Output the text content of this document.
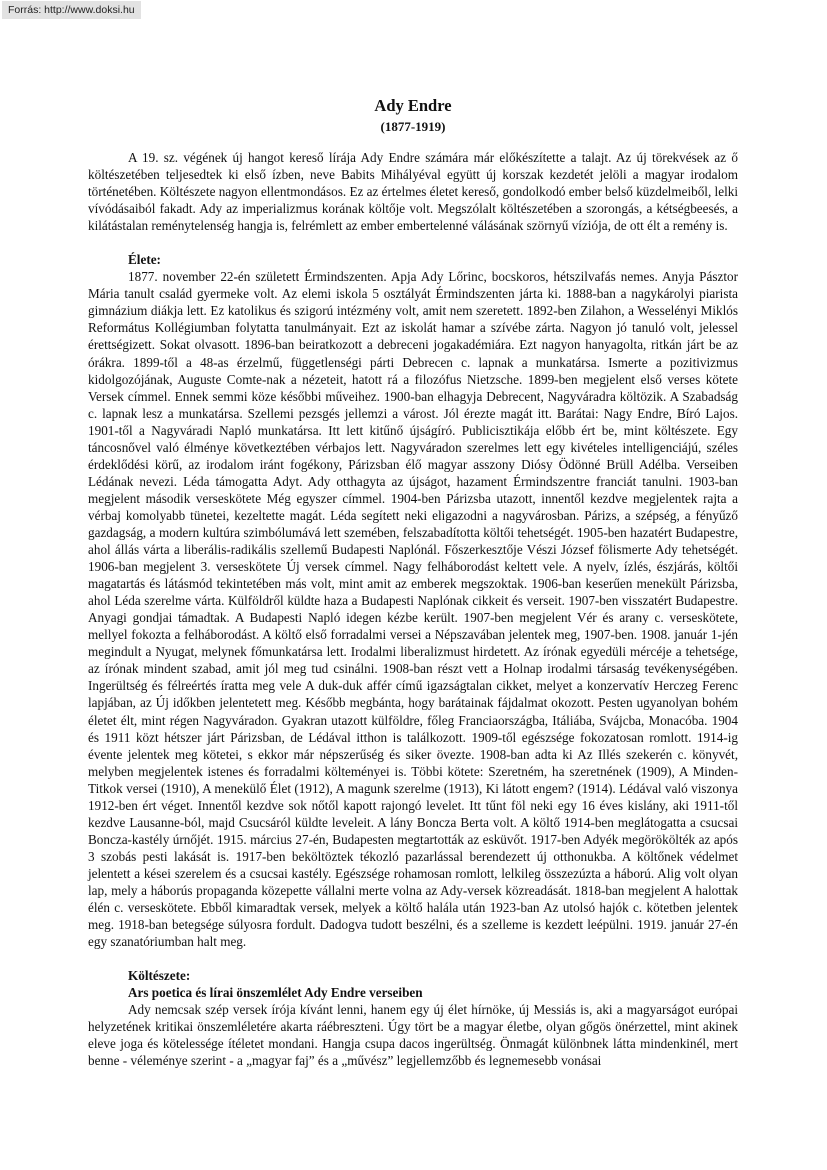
Forrás: http://www.doksi.hu
Ady Endre
(1877-1919)

A 19. sz. végének új hangot kereső lírája Ady Endre számára már előkészítette a talajt. Az új törekvések az ő költészetében teljesedtek ki első ízben, neve Babits Mihályéval együtt új korszak kezdetét jelöli a magyar irodalom történetében. Költészete nagyon ellentmondásos. Ez az értelmes életet kereső, gondolkodó ember belső küzdelmeiből, lelki vívódásaiból fakadt. Ady az imperializmus korának költője volt. Megszólalt költészetében a szorongás, a kétségbeesés, a kilátástalan reménytelenség hangja is, felrémlett az ember embertelenné válásának szörnyű víziója, de ott élt a remény is.

Élete:

1877. november 22-én született Érmindszenten. Apja Ady Lőrinc, bocskoros, hétszilvafás nemes. Anyja Pásztor Mária tanult család gyermeke volt. Az elemi iskola 5 osztályát Érmindszenten járta ki. 1888-ban a nagykárolyi piarista gimnázium diákja lett. Ez katolikus és szigorú intézmény volt, amit nem szeretett. 1892-ben Zilahon, a Wesselényi Miklós Református Kollégiumban folytatta tanulmányait. Ezt az iskolát hamar a szívébe zárta. Nagyon jó tanuló volt, jelessel érettségizett. Sokat olvasott. 1896-ban beiratkozott a debreceni jogakadémiára. Ezt nagyon hanyagolta, ritkán járt be az órákra. 1899-től a 48-as érzelmű, függetlenségi párti Debrecen c. lapnak a munkatársa. Ismerte a pozitivizmus kidolgozójának, Auguste Comte-nak a nézeteit, hatott rá a filozófus Nietzsche. 1899-ben megjelent első verses kötete Versek címmel. Ennek semmi köze későbbi műveihez. 1900-ban elhagyja Debrecent, Nagyváradra költözik. A Szabadság c. lapnak lesz a munkatársa. Szellemi pezsgés jellemzi a várost. Jól érezte magát itt. Barátai: Nagy Endre, Bíró Lajos. 1901-től a Nagyváradi Napló munkatársa. Itt lett kitűnő újságíró. Publicisztikája előbb ért be, mint költészete. Egy táncosnővel való élménye következtében vérbajos lett. Nagyváradon szerelmes lett egy kivételes intelligenciájú, széles érdeklődési körű, az irodalom iránt fogékony, Párizsban élő magyar asszony Diósy Ödönné Brüll Adélba. Verseiben Lédának nevezi. Léda támogatta Adyt. Ady otthagyta az újságot, hazament Érmindszentre franciát tanulni. 1903-ban megjelent második verseskötete Még egyszer címmel. 1904-ben Párizsba utazott, innentől kezdve megjelentek rajta a vérbaj komolyabb tünetei, kezeltette magát. Léda segített neki eligazodni a nagyvárosban. Párizs, a szépség, a fényűző gazdagság, a modern kultúra szimbólumává lett szemében, felszabadította költői tehetségét. 1905-ben hazatért Budapestre, ahol állás várta a liberális-radikális szellemű Budapesti Naplónál. Főszerkesztője Vészi József fölismerte Ady tehetségét. 1906-ban megjelent 3. verseskötete Új versek címmel. Nagy felháborodást keltett vele. A nyelv, ízlés, észjárás, költői magatartás és látásmód tekintetében más volt, mint amit az emberek megszoktak. 1906-ban keserűen menekült Párizsba, ahol Léda szerelme várta. Külföldről küldte haza a Budapesti Naplónak cikkeit és verseit. 1907-ben visszatért Budapestre. Anyagi gondjai támadtak. A Budapesti Napló idegen kézbe került. 1907-ben megjelent Vér és arany c. verseskötete, mellyel fokozta a felháborodást. A költő első forradalmi versei a Népszavában jelentek meg, 1907-ben. 1908. január 1-jén megindult a Nyugat, melynek főmunkatársa lett. Irodalmi liberalizmust hirdetett. Az írónak egyedüli mércéje a tehetsége, az írónak mindent szabad, amit jól meg tud csinálni. 1908-ban részt vett a Holnap irodalmi társaság tevékenységében. Ingerültség és félreértés íratta meg vele A duk-duk affér című igazságtalan cikket, melyet a konzervatív Herczeg Ferenc lapjában, az Új időkben jelentetett meg. Később megbánta, hogy barátainak fájdalmat okozott. Pesten ugyanolyan bohém életet élt, mint régen Nagyváradon. Gyakran utazott külföldre, főleg Franciaországba, Itáliába, Svájcba, Monacóba. 1904 és 1911 közt hétszer járt Párizsban, de Lédával itthon is találkozott. 1909-től egészsége fokozatosan romlott. 1914-ig évente jelentek meg kötetei, s ekkor már népszerűség és siker övezte. 1908-ban adta ki Az Illés szekerén c. könyvét, melyben megjelentek istenes és forradalmi költeményei is. Többi kötete: Szeretném, ha szeretnének (1909), A Minden-Titkok versei (1910), A menekülő Élet (1912), A magunk szerelme (1913), Ki látott engem? (1914). Lédával való viszonya 1912-ben ért véget. Innentől kezdve sok nőtől kapott rajongó levelet. Itt tűnt föl neki egy 16 éves kislány, aki 1911-től kezdve Lausanne-ból, majd Csucsáról küldte leveleit. A lány Boncza Berta volt. A költő 1914-ben meglátogatta a csucsai Boncza-kastély úrnőjét. 1915. március 27-én, Budapesten megtartották az esküvőt. 1917-ben Adyék megörökölték az após 3 szobás pesti lakását is. 1917-ben beköltöztek tékozló pazarlással berendezett új otthonukba. A költőnek védelmet jelentett a kései szerelem és a csucsai kastély. Egészsége rohamosan romlott, lelkileg összezúzta a háború. Alig volt olyan lap, mely a háborús propaganda közepette vállalni merte volna az Ady-versek közreadását. 1818-ban megjelent A halottak élén c. verseskötete. Ebből kimaradtak versek, melyek a költő halála után 1923-ban Az utolsó hajók c. kötetben jelentek meg. 1918-ban betegsége súlyosra fordult. Dadogva tudott beszélni, és a szelleme is kezdett leépülni. 1919. január 27-én egy szanatóriumban halt meg.

Költészete:
Ars poetica és lírai önszemlélet Ady Endre verseiben

Ady nemcsak szép versek írója kívánt lenni, hanem egy új élet hírnöke, új Messiás is, aki a magyarságot európai helyzetének kritikai önszemléletére akarta ráébreszteni. Úgy tört be a magyar életbe, olyan gőgös önérzettel, mint akinek eleve joga és kötelessége ítéletet mondani. Hangja csupa dacos ingerültség. Önmagát különbnek látta mindenkinél, mert benne - véleménye szerint - a „magyar faj” és a „művész” legjellemzőbb és legnemesebb vonásai
